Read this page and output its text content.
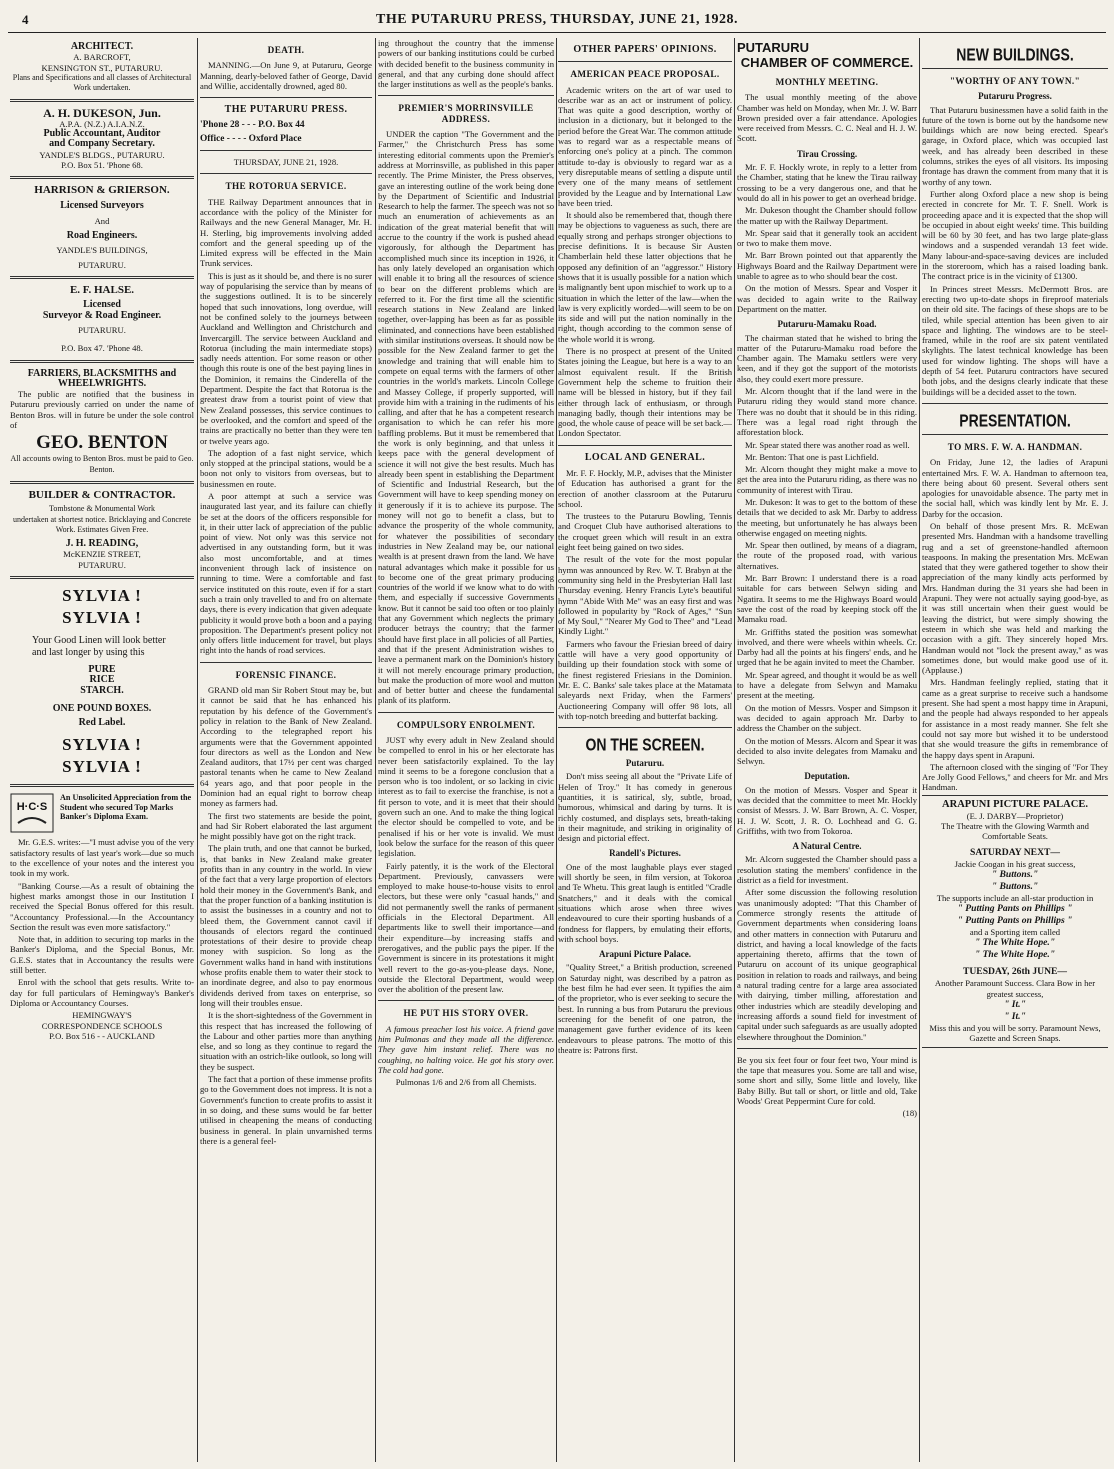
4	THE PUTARURU PRESS, THURSDAY, JUNE 21, 1928.
ARCHITECT.
A. BARCROFT,
KENSINGTON ST., PUTARURU.
Plans and Specifications and all classes of Architectural Work undertaken.
A. H. DUKESON, Jun.
A.P.A. (N.Z.) A.I.A.N.Z.
Public Accountant, Auditor
and Company Secretary.
YANDLE'S BLDGS., PUTARURU.
P.O. Box 51. 'Phone 68.
HARRISON & GRIERSON.
Licensed Surveyors
And
Road Engineers.
YANDLE'S BUILDINGS,
PUTARURU.
E. F. HALSE.
Licensed
Surveyor & Road Engineer.
PUTARURU.
P.O. Box 47. 'Phone 48.
FARRIERS, BLACKSMITHS and WHEELWRIGHTS.

The public are notified that the business in Putaruru previously carried on under the name of Benton Bros. will in future be under the sole control of

GEO. BENTON
All accounts owing to Benton Bros. must be paid to Geo. Benton.
BUILDER & CONTRACTOR.
Tombstone & Monumental Work
undertaken at shortest notice. Bricklaying and Concrete Work. Estimates Given Free.
J. H. READING,
McKENZIE STREET,
PUTARURU.
SYLVIA !
SYLVIA !
Your Good Linen will look better and last longer by using this
PURE
RICE
STARCH.
ONE POUND BOXES.
Red Label.
SYLVIA !
SYLVIA !
H·C·S
An Unsolicited Appreciation from the Student who secured Top Marks Banker's Diploma Exam.

Mr. G.E.S. writes:—"I must advise you of the very satisfactory results of last year's work—due so much to the excellence of your notes and the interest you took in my work.

"Banking Course.—As a result of obtaining the highest marks amongst those in our Institution I received the Special Bonus offered for this result. "Accountancy Professional.—In the Accountancy Section the result was even more satisfactory."

Note that, in addition to securing top marks in the Banker's Diploma, and the Special Bonus, Mr. G.E.S. states that in Accountancy the results were still better.

Enrol with the school that gets results. Write to-day for full particulars of Hemingway's Banker's Diploma or Accountancy Courses.

HEMINGWAY'S
CORRESPONDENCE SCHOOLS
P.O. Box 516 - - AUCKLAND
DEATH.

MANNING.—On June 9, at Putaruru, George Manning, dearly-beloved father of George, David and Willie, accidentally drowned, aged 80.

THE PUTARURU PRESS.
'Phone 28 - - - P.O. Box 44
Office - - - - Oxford Place
THURSDAY, JUNE 21, 1928.
THE ROTORUA SERVICE.

THE Railway Department announces that in accordance with the policy of the Minister for Railways and the new General Manager, Mr. H. H. Sterling, big improvements involving added comfort and the general speeding up of the Limited express will be effected in the Main Trunk services.

This is just as it should be, and there is no surer way of popularising the service than by means of the suggestions outlined. It is to be sincerely hoped that such innovations, long overdue, will not be confined solely to the journeys between Auckland and Wellington and Christchurch and Invercargill. The service between Auckland and Rotorua (including the main intermediate stops) sadly needs attention. For some reason or other though this route is one of the best paying lines in the Dominion, it remains the Cinderella of the Department. Despite the fact that Rotorua is the greatest draw from a tourist point of view that New Zealand possesses, this service continues to be overlooked, and the comfort and speed of the trains are practically no better than they were ten or twelve years ago.

The adoption of a fast night service, which only stopped at the principal stations, would be a boon not only to visitors from overseas, but to businessmen en route.

A poor attempt at such a service was inaugurated last year, and its failure can chiefly be set at the doors of the officers responsible for it, in their utter lack of appreciation of the public point of view. Not only was this service not advertised in any outstanding form, but it was also most uncomfortable, and at times inconvenient through lack of insistence on running to time. Were a comfortable and fast service instituted on this route, even if for a start such a train only travelled to and fro on alternate days, there is every indication that given adequate publicity it would prove both a boon and a paying proposition. The Department's present policy not only offers little inducement for travel, but plays right into the hands of road services.

FORENSIC FINANCE.

GRAND old man Sir Robert Stout may be, but it cannot be said that he has enhanced his reputation by his defence of the Government's policy in relation to the Bank of New Zealand. According to the telegraphed report his arguments were that the Government appointed four directors as well as the London and New Zealand auditors, that 17½ per cent was charged pastoral tenants when he came to New Zealand 64 years ago, and that poor people in the Dominion had an equal right to borrow cheap money as farmers had.

The first two statements are beside the point, and had Sir Robert elaborated the last argument he might possibly have got on the right track.

The plain truth, and one that cannot be burked, is, that banks in New Zealand make greater profits than in any country in the world. In view of the fact that a very large proportion of electors hold their money in the Government's Bank, and that the proper function of a banking institution is to assist the businesses in a country and not to bleed them, the Government cannot cavil if thousands of electors regard the continued protestations of their desire to provide cheap money with suspicion. So long as the Government walks hand in hand with institutions whose profits enable them to water their stock to an inordinate degree, and also to pay enormous dividends derived from taxes on enterprise, so long will their troubles ensue.

It is the short-sightedness of the Government in this respect that has increased the following of the Labour and other parties more than anything else, and so long as they continue to regard the situation with an ostrich-like outlook, so long will they be suspect.

The fact that a portion of these immense profits go to the Government does not impress. It is not a Government's function to create profits to assist it in so doing, and these sums would be far better utilised in cheapening the means of conducting business in general. In plain unvarnished terms there is a general feel-

ing throughout the country that the immense powers of our banking institutions could be curbed with decided benefit to the business community in general, and that any curbing done should affect the larger institutions as well as the people's banks.

PREMIER'S MORRINSVILLE ADDRESS.

UNDER the caption "The Government and the Farmer," the Christchurch Press has some interesting editorial comments upon the Premier's address at Morrinsville, as published in this paper recently. The Prime Minister, the Press observes, gave an interesting outline of the work being done by the Department of Scientific and Industrial Research to help the farmer. The speech was not so much an enumeration of achievements as an indication of the great material benefit that will accrue to the country if the work is pushed ahead vigorously, for although the Department has accomplished much since its inception in 1926, it has only lately developed an organisation which will enable it to bring all the resources of science to bear on the different problems which are referred to it. For the first time all the scientific research stations in New Zealand are linked together, over-lapping has been as far as possible eliminated, and connections have been established with similar institutions overseas. It should now be possible for the New Zealand farmer to get the knowledge and training that will enable him to compete on equal terms with the farmers of other countries in the world's markets. Lincoln College and Massey College, if properly supported, will provide him with a training in the rudiments of his calling, and after that he has a competent research organisation to which he can refer his more baffling problems. But it must be remembered that the work is only beginning, and that unless it keeps pace with the general development of science it will not give the best results. Much has already been spent in establishing the Department of Scientific and Industrial Research, but the Government will have to keep spending money on it generously if it is to achieve its purpose. The money will not go to benefit a class, but to advance the prosperity of the whole community, for whatever the possibilities of secondary industries in New Zealand may be, our national wealth is at present drawn from the land. We have natural advantages which make it possible for us to become one of the great primary producing countries of the world if we know what to do with them, and especially if successive Governments know. But it cannot be said too often or too plainly that any Government which neglects the primary producer betrays the country; that the farmer should have first place in all policies of all Parties, and that if the present Administration wishes to leave a permanent mark on the Dominion's history it will not merely encourage primary production, but make the production of more wool and mutton and of better butter and cheese the fundamental plank of its platform.

COMPULSORY ENROLMENT.

JUST why every adult in New Zealand should be compelled to enrol in his or her electorate has never been satisfactorily explained. To the lay mind it seems to be a foregone conclusion that a person who is too indolent, or so lacking in civic interest as to fail to exercise the franchise, is not a fit person to vote, and it is meet that their should govern such an one. And to make the thing logical the elector should be compelled to vote, and be penalised if his or her vote is invalid. We must look below the surface for the reason of this queer legislation.

Fairly patently, it is the work of the Electoral Department. Previously, canvassers were employed to make house-to-house visits to enrol electors, but these were only "casual hands," and did not permanently swell the ranks of permanent officials in the Electoral Department. All departments like to swell their importance—and their expenditure—by increasing staffs and prerogatives, and the public pays the piper. If the Government is sincere in its protestations it might well revert to the go-as-you-please days. None, outside the Electoral Department, would weep over the abolition of the present law.

HE PUT HIS STORY OVER.

A famous preacher lost his voice. A friend gave him Pulmonas and they made all the difference. They gave him instant relief. There was no coughing, no halting voice. He got his story over. The cold had gone.

Pulmonas 1/6 and 2/6 from all Chemists.
OTHER PAPERS' OPINIONS.
AMERICAN PEACE PROPOSAL.

Academic writers on the art of war used to describe war as an act or instrument of policy. That was quite a good description, worthy of inclusion in a dictionary, but it belonged to the period before the Great War. The common attitude was to regard war as a respectable means of enforcing one's policy at a pinch. The common attitude to-day is obviously to regard war as a very disreputable means of settling a dispute until every one of the many means of settlement provided by the League and by International Law have been tried.

It should also be remembered that, though there may be objections to vagueness as such, there are equally strong and perhaps stronger objections to precise definitions. It is because Sir Austen Chamberlain held these latter objections that he opposed any definition of an "aggressor." History shows that it is usually possible for a nation which is malignantly bent upon mischief to work up to a situation in which the letter of the law—when the law is very explicitly worded—will seem to be on its side and will put the nation nominally in the right, though according to the common sense of the whole world it is wrong.

There is no prospect at present of the United States joining the League, but here is a way to an almost equivalent result. If the British Government help the scheme to fruition their name will be blessed in history, but if they fail either through lack of enthusiasm, or through managing badly, though their intentions may be good, the whole cause of peace will be set back.—London Spectator.

LOCAL AND GENERAL.

Mr. F. F. Hockly, M.P., advises that the Minister of Education has authorised a grant for the erection of another classroom at the Putaruru school.

The trustees to the Putaruru Bowling, Tennis and Croquet Club have authorised alterations to the croquet green which will result in an extra eight feet being gained on two sides.

The result of the vote for the most popular hymn was announced by Rev. W. T. Brabyn at the community sing held in the Presbyterian Hall last Thursday evening. Henry Francis Lyte's beautiful hymn "Abide With Me" was an easy first and was followed in popularity by "Rock of Ages," "Sun of My Soul," "Nearer My God to Thee" and "Lead Kindly Light."

Farmers who favour the Friesian breed of dairy cattle will have a very good opportunity of building up their foundation stock with some of the finest registered Friesians in the Dominion. Mr. E. C. Banks' sale takes place at the Matamata saleyards next Friday, when the Farmers' Auctioneering Company will offer 98 lots, all with top-notch breeding and butterfat backing.

ON THE SCREEN.
Putaruru.

Don't miss seeing all about the "Private Life of Helen of Troy." It has comedy in generous quantities, it is satirical, sly, subtle, broad, humorous, whimsical and daring by turns. It is richly costumed, and displays sets, breath-taking in their magnitude, and striking in originality of design and pictorial effect.

Randell's Pictures.

One of the most laughable plays ever staged will shortly be seen, in film version, at Tokoroa and Te Whetu. This great laugh is entitled "Cradle Snatchers," and it deals with the comical situations which arose when three wives endeavoured to cure their sporting husbands of a fondness for flappers, by emulating their efforts, with school boys.

Arapuni Picture Palace.

"Quality Street," a British production, screened on Saturday night, was described by a patron as the best film he had ever seen. It typifies the aim of the proprietor, who is ever seeking to secure the best. In running a bus from Putaruru the previous screening for the benefit of one patron, the management gave further evidence of its keen endeavours to please patrons. The motto of this theatre is: Patrons first.

PUTARURU
CHAMBER OF COMMERCE.
MONTHLY MEETING.

The usual monthly meeting of the above Chamber was held on Monday, when Mr. J. W. Barr Brown presided over a fair attendance. Apologies were received from Messrs. C. C. Neal and H. J. W. Scott.

Tirau Crossing.

Mr. F. F. Hockly wrote, in reply to a letter from the Chamber, stating that he knew the Tirau railway crossing to be a very dangerous one, and that he would do all in his power to get an overhead bridge.

Mr. Dukeson thought the Chamber should follow the matter up with the Railway Department.

Mr. Spear said that it generally took an accident or two to make them move.

Mr. Barr Brown pointed out that apparently the Highways Board and the Railway Department were unable to agree as to who should bear the cost.

On the motion of Messrs. Spear and Vosper it was decided to again write to the Railway Department on the matter.

Putaruru-Mamaku Road.

The chairman stated that he wished to bring the matter of the Putaruru-Mamaku road before the Chamber again. The Mamaku settlers were very keen, and if they got the support of the motorists also, they could exert more pressure.

Mr. Alcorn thought that if the land were in the Putaruru riding they would stand more chance. There was no doubt that it should be in this riding. There was a legal road right through the afforestation block.

Mr. Spear stated there was another road as well.

Mr. Benton: That one is past Lichfield.

Mr. Alcorn thought they might make a move to get the area into the Putaruru riding, as there was no community of interest with Tirau.

Mr. Dukeson: It was to get to the bottom of these details that we decided to ask Mr. Darby to address the meeting, but unfortunately he has always been otherwise engaged on meeting nights.

Mr. Spear then outlined, by means of a diagram, the route of the proposed road, with various alternatives.

Mr. Barr Brown: I understand there is a road suitable for cars between Selwyn siding and Ngatira. It seems to me the Highways Board would save the cost of the road by keeping stock off the Mamaku road.

Mr. Griffiths stated the position was somewhat involved, and there were wheels within wheels. Cr. Darby had all the points at his fingers' ends, and he urged that he be again invited to meet the Chamber.

Mr. Spear agreed, and thought it would be as well to have a delegate from Selwyn and Mamaku present at the meeting.

On the motion of Messrs. Vosper and Simpson it was decided to again approach Mr. Darby to address the Chamber on the subject.

On the motion of Messrs. Alcorn and Spear it was decided to also invite delegates from Mamaku and Selwyn.

Deputation.

On the motion of Messrs. Vosper and Spear it was decided that the committee to meet Mr. Hockly consist of Messrs. J. W. Barr Brown, A. C. Vosper, H. J. W. Scott, J. R. O. Lochhead and G. G. Griffiths, with two from Tokoroa.

A Natural Centre.

Mr. Alcorn suggested the Chamber should pass a resolution stating the members' confidence in the district as a field for investment.

After some discussion the following resolution was unanimously adopted: "That this Chamber of Commerce strongly resents the attitude of Government departments when considering loans and other matters in connection with Putaruru and district, and having a local knowledge of the facts appertaining thereto, affirms that the town of Putaruru on account of its unique geographical position in relation to roads and railways, and being a natural trading centre for a large area associated with dairying, timber milling, afforestation and other industries which are steadily developing and increasing affords a sound field for investment of capital under such safeguards as are usually adopted elsewhere throughout the Dominion."

Be you six feet four or four feet two, Your mind is the tape that measures you. Some are tall and wise, some short and silly, Some little and lovely, like Baby Billy. But tall or short, or little and old, Take Woods' Great Peppermint Cure for cold.

(18)
NEW BUILDINGS.
"WORTHY OF ANY TOWN."
Putaruru Progress.

That Putaruru businessmen have a solid faith in the future of the town is borne out by the handsome new buildings which are now being erected. Spear's garage, in Oxford place, which was occupied last week, and has already been described in these columns, strikes the eyes of all visitors. Its imposing frontage has drawn the comment from many that it is worthy of any town.

Further along Oxford place a new shop is being erected in concrete for Mr. T. F. Snell. Work is proceeding apace and it is expected that the shop will be occupied in about eight weeks' time. This building will be 60 by 30 feet, and has two large plate-glass windows and a suspended verandah 13 feet wide. Many labour-and-space-saving devices are included in the storeroom, which has a raised loading bank. The contract price is in the vicinity of £1300.

In Princes street Messrs. McDermott Bros. are erecting two up-to-date shops in fireproof materials on their old site. The facings of these shops are to be tiled, while special attention has been given to air space and lighting. The windows are to be steel-framed, while in the roof are six patent ventilated skylights. The latest technical knowledge has been used for window lighting. The shops will have a depth of 54 feet. Putaruru contractors have secured both jobs, and the designs clearly indicate that these buildings will be a decided asset to the town.

PRESENTATION.
TO MRS. F. W. A. HANDMAN.

On Friday, June 12, the ladies of Arapuni entertained Mrs. F. W. A. Handman to afternoon tea, there being about 60 present. Several others sent apologies for unavoidable absence. The party met in the social hall, which was kindly lent by Mr. E. J. Darby for the occasion.

On behalf of those present Mrs. R. McEwan presented Mrs. Handman with a handsome travelling rug and a set of greenstone-handled afternoon teaspoons. In making the presentation Mrs. McEwan stated that they were gathered together to show their appreciation of the many kindly acts performed by Mrs. Handman during the 31 years she had been in Arapuni. They were not actually saying good-bye, as it was still uncertain when their guest would be leaving the district, but were simply showing the esteem in which she was held and marking the occasion with a gift. They sincerely hoped Mrs. Handman would not "lock the present away," as was sometimes done, but would make good use of it. (Applause.)

Mrs. Handman feelingly replied, stating that it came as a great surprise to receive such a handsome present. She had spent a most happy time in Arapuni, and the people had always responded to her appeals for assistance in a most ready manner. She felt she could not say more but wished it to be understood that she would treasure the gifts in remembrance of the happy days spent in Arapuni.

The afternoon closed with the singing of "For They Are Jolly Good Fellows," and cheers for Mr. and Mrs Handman.

ARAPUNI PICTURE PALACE.
(E. J. DARBY—Proprietor)
The Theatre with the Glowing Warmth and Comfortable Seats.
SATURDAY NEXT—
Jackie Coogan in his great success,
" Buttons."
" Buttons."
The supports include an all-star production in
" Putting Pants on Phillips "
" Putting Pants on Phillips "
and a Sporting item called
" The White Hope."
" The White Hope."
TUESDAY, 26th JUNE—
Another Paramount Success. Clara Bow in her greatest success,
" It."
" It."
Miss this and you will be sorry. Paramount News, Gazette and Screen Snaps.
